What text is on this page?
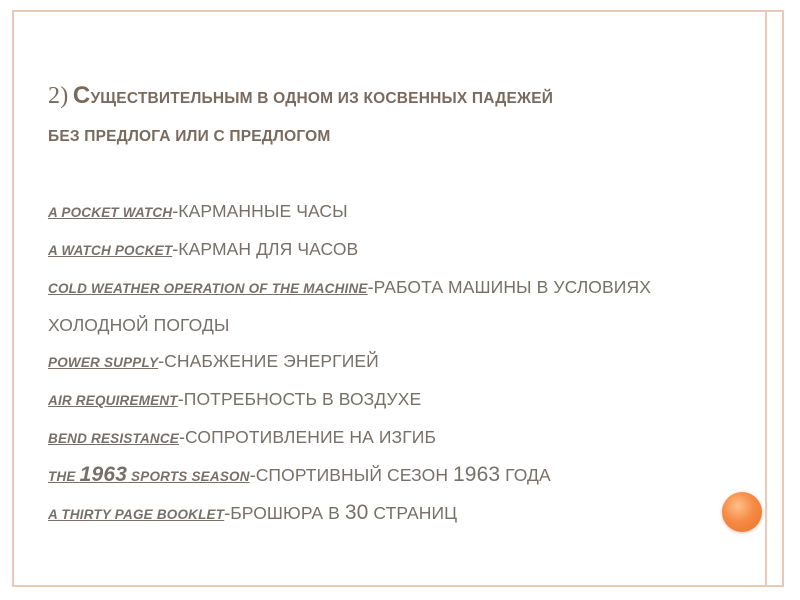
2) СУЩЕСТВИТЕЛЬНЫМ В ОДНОМ ИЗ КОСВЕННЫХ ПАДЕЖЕЙ
БЕЗ ПРЕДЛОГА ИЛИ С ПРЕДЛОГОМ
A POCKET WATCH-КАРМАННЫЕ ЧАСЫ
A WATCH POCKET-КАРМАН ДЛЯ ЧАСОВ
COLD WEATHER OPERATION OF THE MACHINE-РАБОТА МАШИНЫ В УСЛОВИЯХ ХОЛОДНОЙ ПОГОДЫ
POWER SUPPLY-СНАБЖЕНИЕ ЭНЕРГИЕЙ
AIR REQUIREMENT-ПОТРЕБНОСТЬ В ВОЗДУХЕ
BEND RESISTANCE-СОПРОТИВЛЕНИЕ НА ИЗГИБ
THE 1963 SPORTS SEASON-СПОРТИВНЫЙ СЕЗОН 1963 ГОДА
A THIRTY PAGE BOOKLET-БРОШЮРА В 30 СТРАНИЦ
